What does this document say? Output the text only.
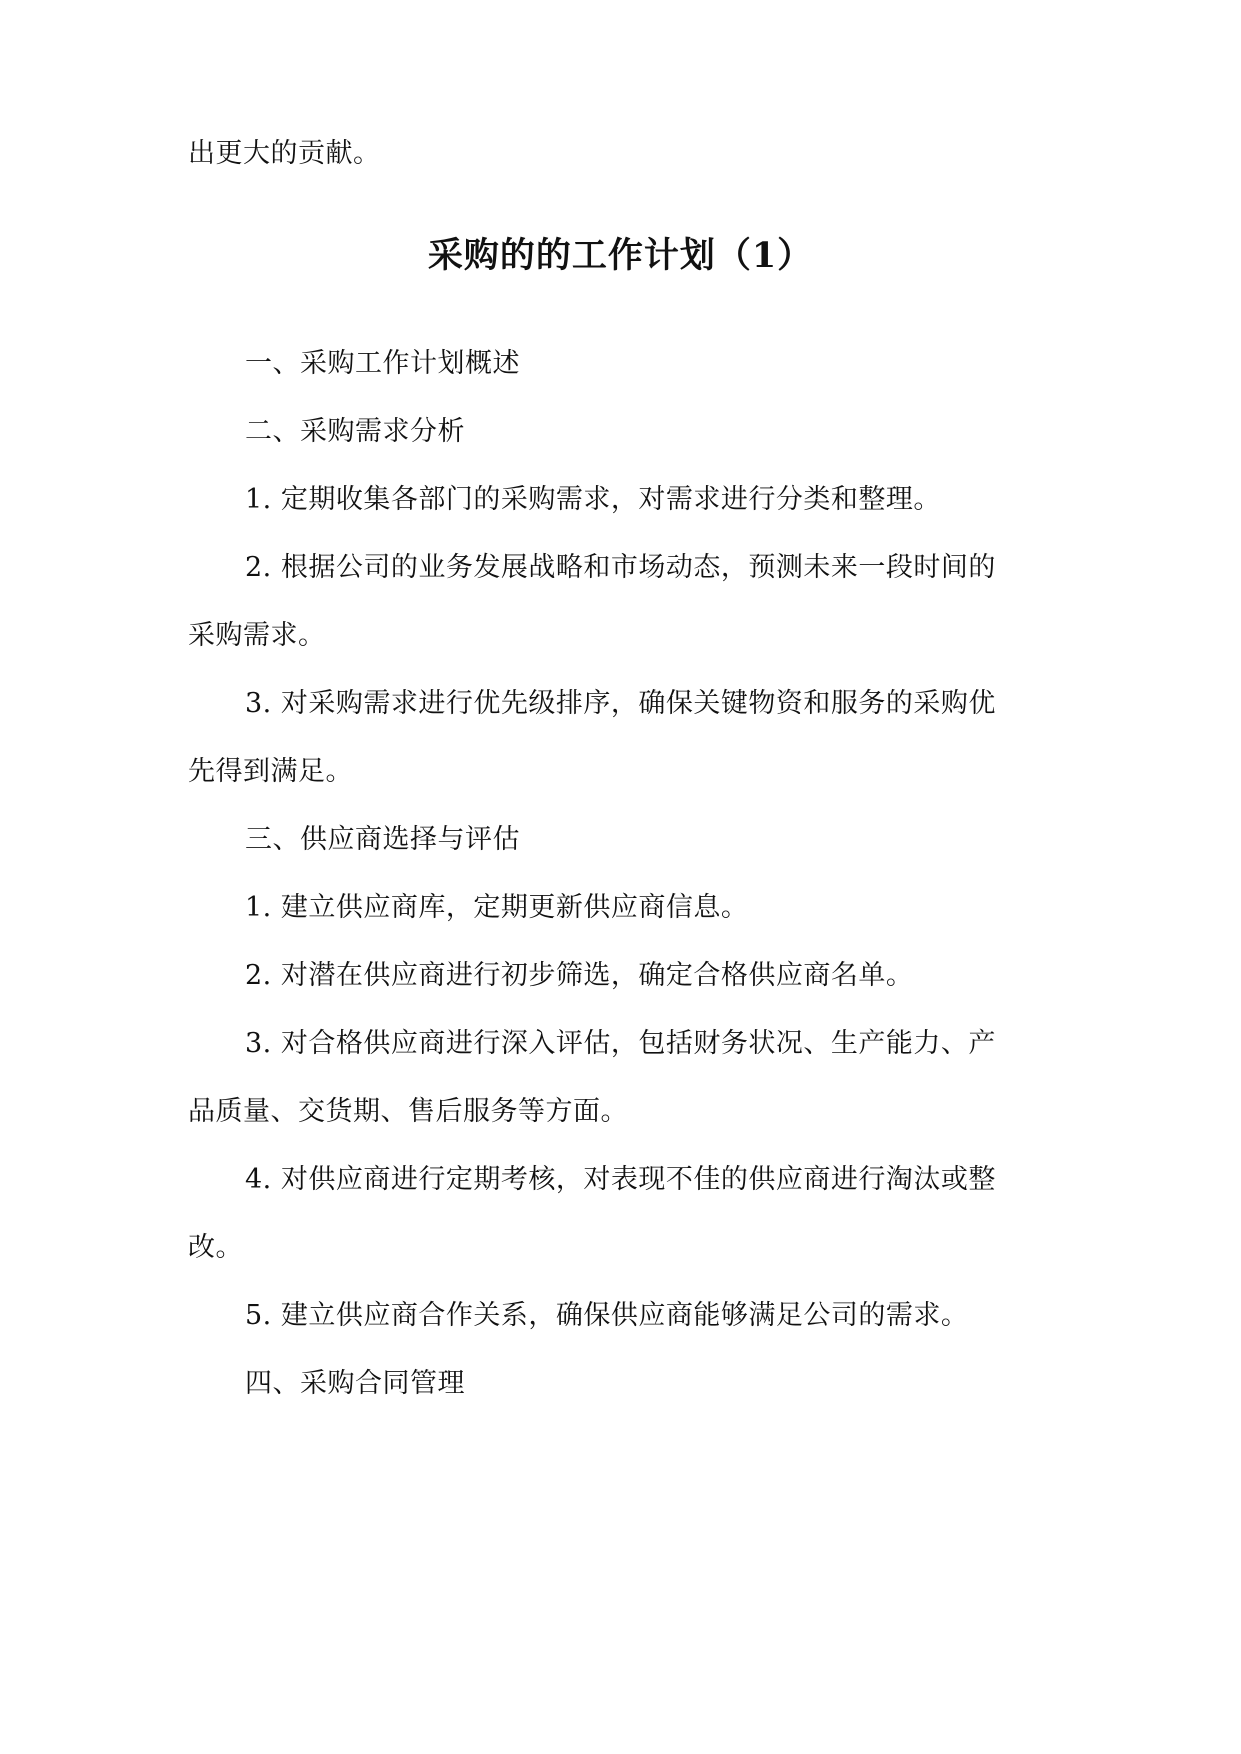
出更大的贡献。
采购的的工作计划（1）
一、采购工作计划概述
二、采购需求分析
1. 定期收集各部门的采购需求，对需求进行分类和整理。
2. 根据公司的业务发展战略和市场动态，预测未来一段时间的
采购需求。
3. 对采购需求进行优先级排序，确保关键物资和服务的采购优
先得到满足。
三、供应商选择与评估
1. 建立供应商库，定期更新供应商信息。
2. 对潜在供应商进行初步筛选，确定合格供应商名单。
3. 对合格供应商进行深入评估，包括财务状况、生产能力、产
品质量、交货期、售后服务等方面。
4. 对供应商进行定期考核，对表现不佳的供应商进行淘汰或整
改。
5. 建立供应商合作关系，确保供应商能够满足公司的需求。
四、采购合同管理
